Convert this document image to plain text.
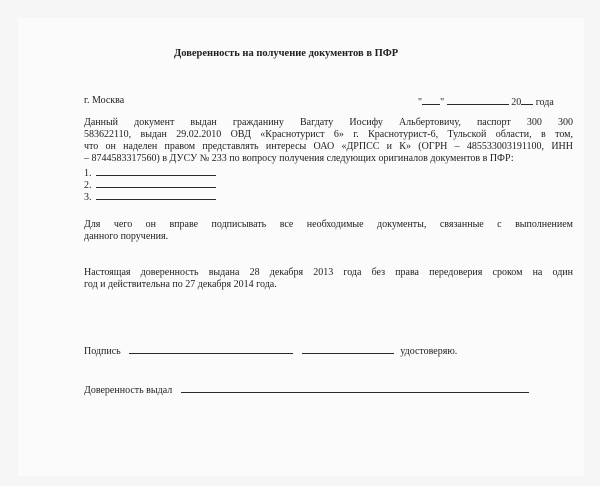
Доверенность на получение документов в ПФР
г. Москва	" "	20 года
Данный документ выдан гражданину Вагдату Иосифу Альбертовичу, паспорт 300 300
583622110, выдан 29.02.2010 ОВД «Краснотурист 6» г. Краснотурист-6, Тульской области, в том,
что он наделен правом представлять интересы ОАО «ДРПСС и К» (ОГРН – 485533003191100, ИНН
– 8744583317560) в ДУСУ № 233 по вопросу получения следующих оригиналов документов в ПФР:
1.
2.
3.
Для чего он вправе подписывать все необходимые документы, связанные с выполнением
данного поручения.
Настоящая доверенность выдана 28 декабря 2013 года без права передоверия сроком на один
год и действительна по 27 декабря 2014 года.
Подпись	удостоверяю.
Доверенность выдал
